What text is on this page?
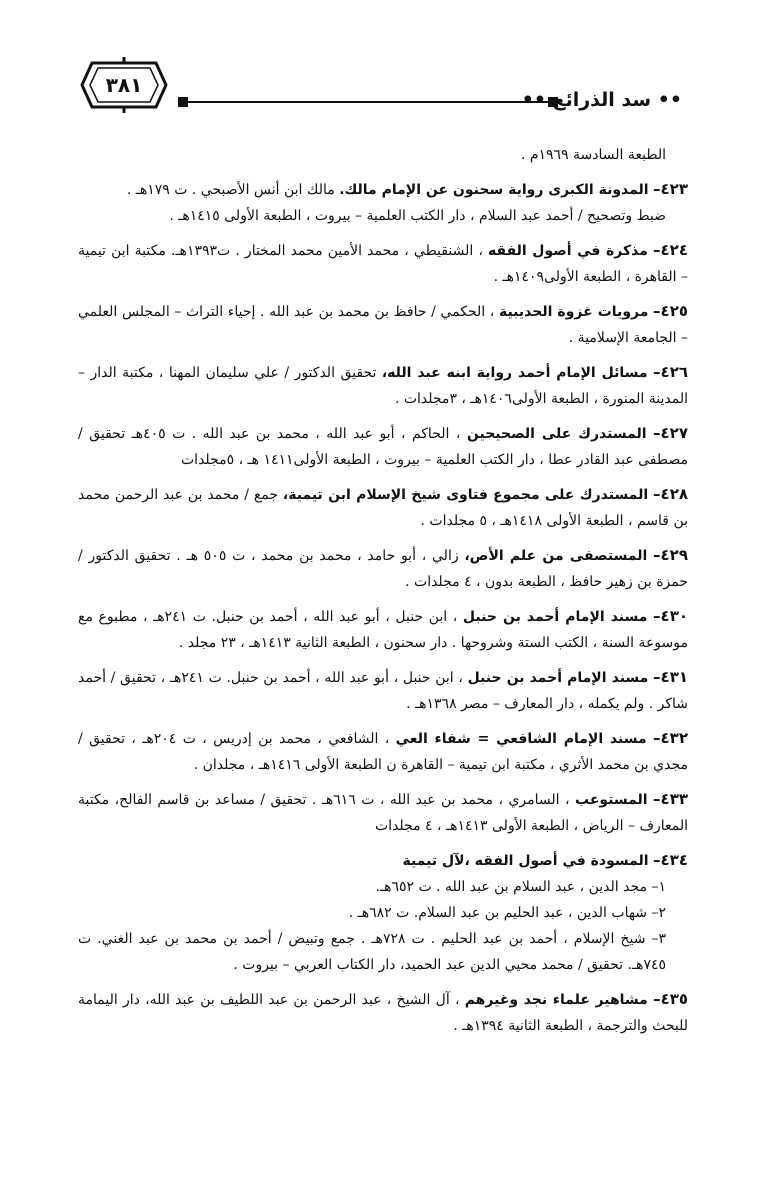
٣٨١
•• سد الذرائع ••
الطبعة السادسة ١٩٦٩م .
٤٢٣– المدونة الكبرى رواية سحنون عن الإمام مالك. مالك ابن أنس الأصبحي . ت ١٧٩هـ .
ضبط وتصحيح / أحمد عبد السلام ، دار الكتب العلمية – بيروت ، الطبعة الأولى ١٤١٥هـ .
٤٢٤– مذكرة في أصول الفقه ، الشنقيطي ، محمد الأمين محمد المختار . ت١٣٩٣هـ. مكتبة ابن تيمية – القاهرة ، الطبعة الأولى١٤٠٩هـ .
٤٢٥– مرويات غزوة الحديبية ، الحكمي / حافظ بن محمد بن عبد الله . إحياء التراث – المجلس العلمي – الجامعة الإسلامية .
٤٢٦– مسائل الإمام أحمد رواية ابنه عبد الله، تحقيق الدكتور / علي سليمان المهنا ، مكتبة الدار –المدينة المنورة ، الطبعة الأولى١٤٠٦هـ ، ٣مجلدات .
٤٢٧– المستدرك على الصحيحين ، الحاكم ، أبو عبد الله ، محمد بن عبد الله . ت ٤٠٥هـ تحقيق / مصطفى عبد القادر عطا ، دار الكتب العلمية – بيروت ، الطبعة الأولى١٤١١ هـ ، ٥مجلدات
٤٢٨– المستدرك على مجموع فتاوى شيخ الإسلام ابن تيمية، جمع / محمد بن عبد الرحمن محمد بن قاسم ، الطبعة الأولى ١٤١٨هـ ، ٥ مجلدات .
٤٢٩– المستصفى من علم الأص، زالي ، أبو حامد ، محمد بن محمد ، ت ٥٠٥ هـ . تحقيق الدكتور / حمزة بن زهير حافظ ، الطبعة بدون ، ٤ مجلدات .
٤٣٠– مسند الإمام أحمد بن حنبل ، ابن حنبل ، أبو عبد الله ، أحمد بن حنبل. ت ٢٤١هـ ، مطبوع مع موسوعة السنة ، الكتب الستة وشروحها . دار سحنون ، الطبعة الثانية ١٤١٣هـ ، ٢٣ مجلد .
٤٣١– مسند الإمام أحمد بن حنبل ، ابن حنبل ، أبو عبد الله ، أحمد بن حنبل. ت ٢٤١هـ ، تحقيق / أحمد شاكر . ولم يكمله ، دار المعارف – مصر ١٣٦٨هـ .
٤٣٢– مسند الإمام الشافعي = شفاء العي ، الشافعي ، محمد بن إدريس ، ت ٢٠٤هـ ، تحقيق / مجدي بن محمد الأثري ، مكتبة ابن تيمية – القاهرة ن الطبعة الأولى ١٤١٦هـ ، مجلدان .
٤٣٣– المستوعب ، السامري ، محمد بن عبد الله ، ت ٦١٦هـ . تحقيق / مساعد بن قاسم الفالح، مكتبة المعارف – الرياض ، الطبعة الأولى ١٤١٣هـ ، ٤ مجلدات
٤٣٤– المسودة في أصول الفقه ،لآل تيمية
١– مجد الدين ، عبد السلام بن عبد الله . ت ٦٥٢هـ.
٢– شهاب الدين ، عبد الحليم بن عبد السلام. ت ٦٨٢هـ .
٣– شيخ الإسلام ، أحمد بن عبد الحليم . ت ٧٢٨هـ . جمع وتبيض / أحمد بن محمد بن عبد الغني. ت ٧٤٥هـ. تحقيق / محمد محيي الدين عبد الحميد، دار الكتاب العربي – بيروت .
٤٣٥– مشاهير علماء نجد وغيرهم ، آل الشيخ ، عبد الرحمن بن عبد اللطيف بن عبد الله، دار اليمامة للبحث والترجمة ، الطبعة الثانية ١٣٩٤هـ .
